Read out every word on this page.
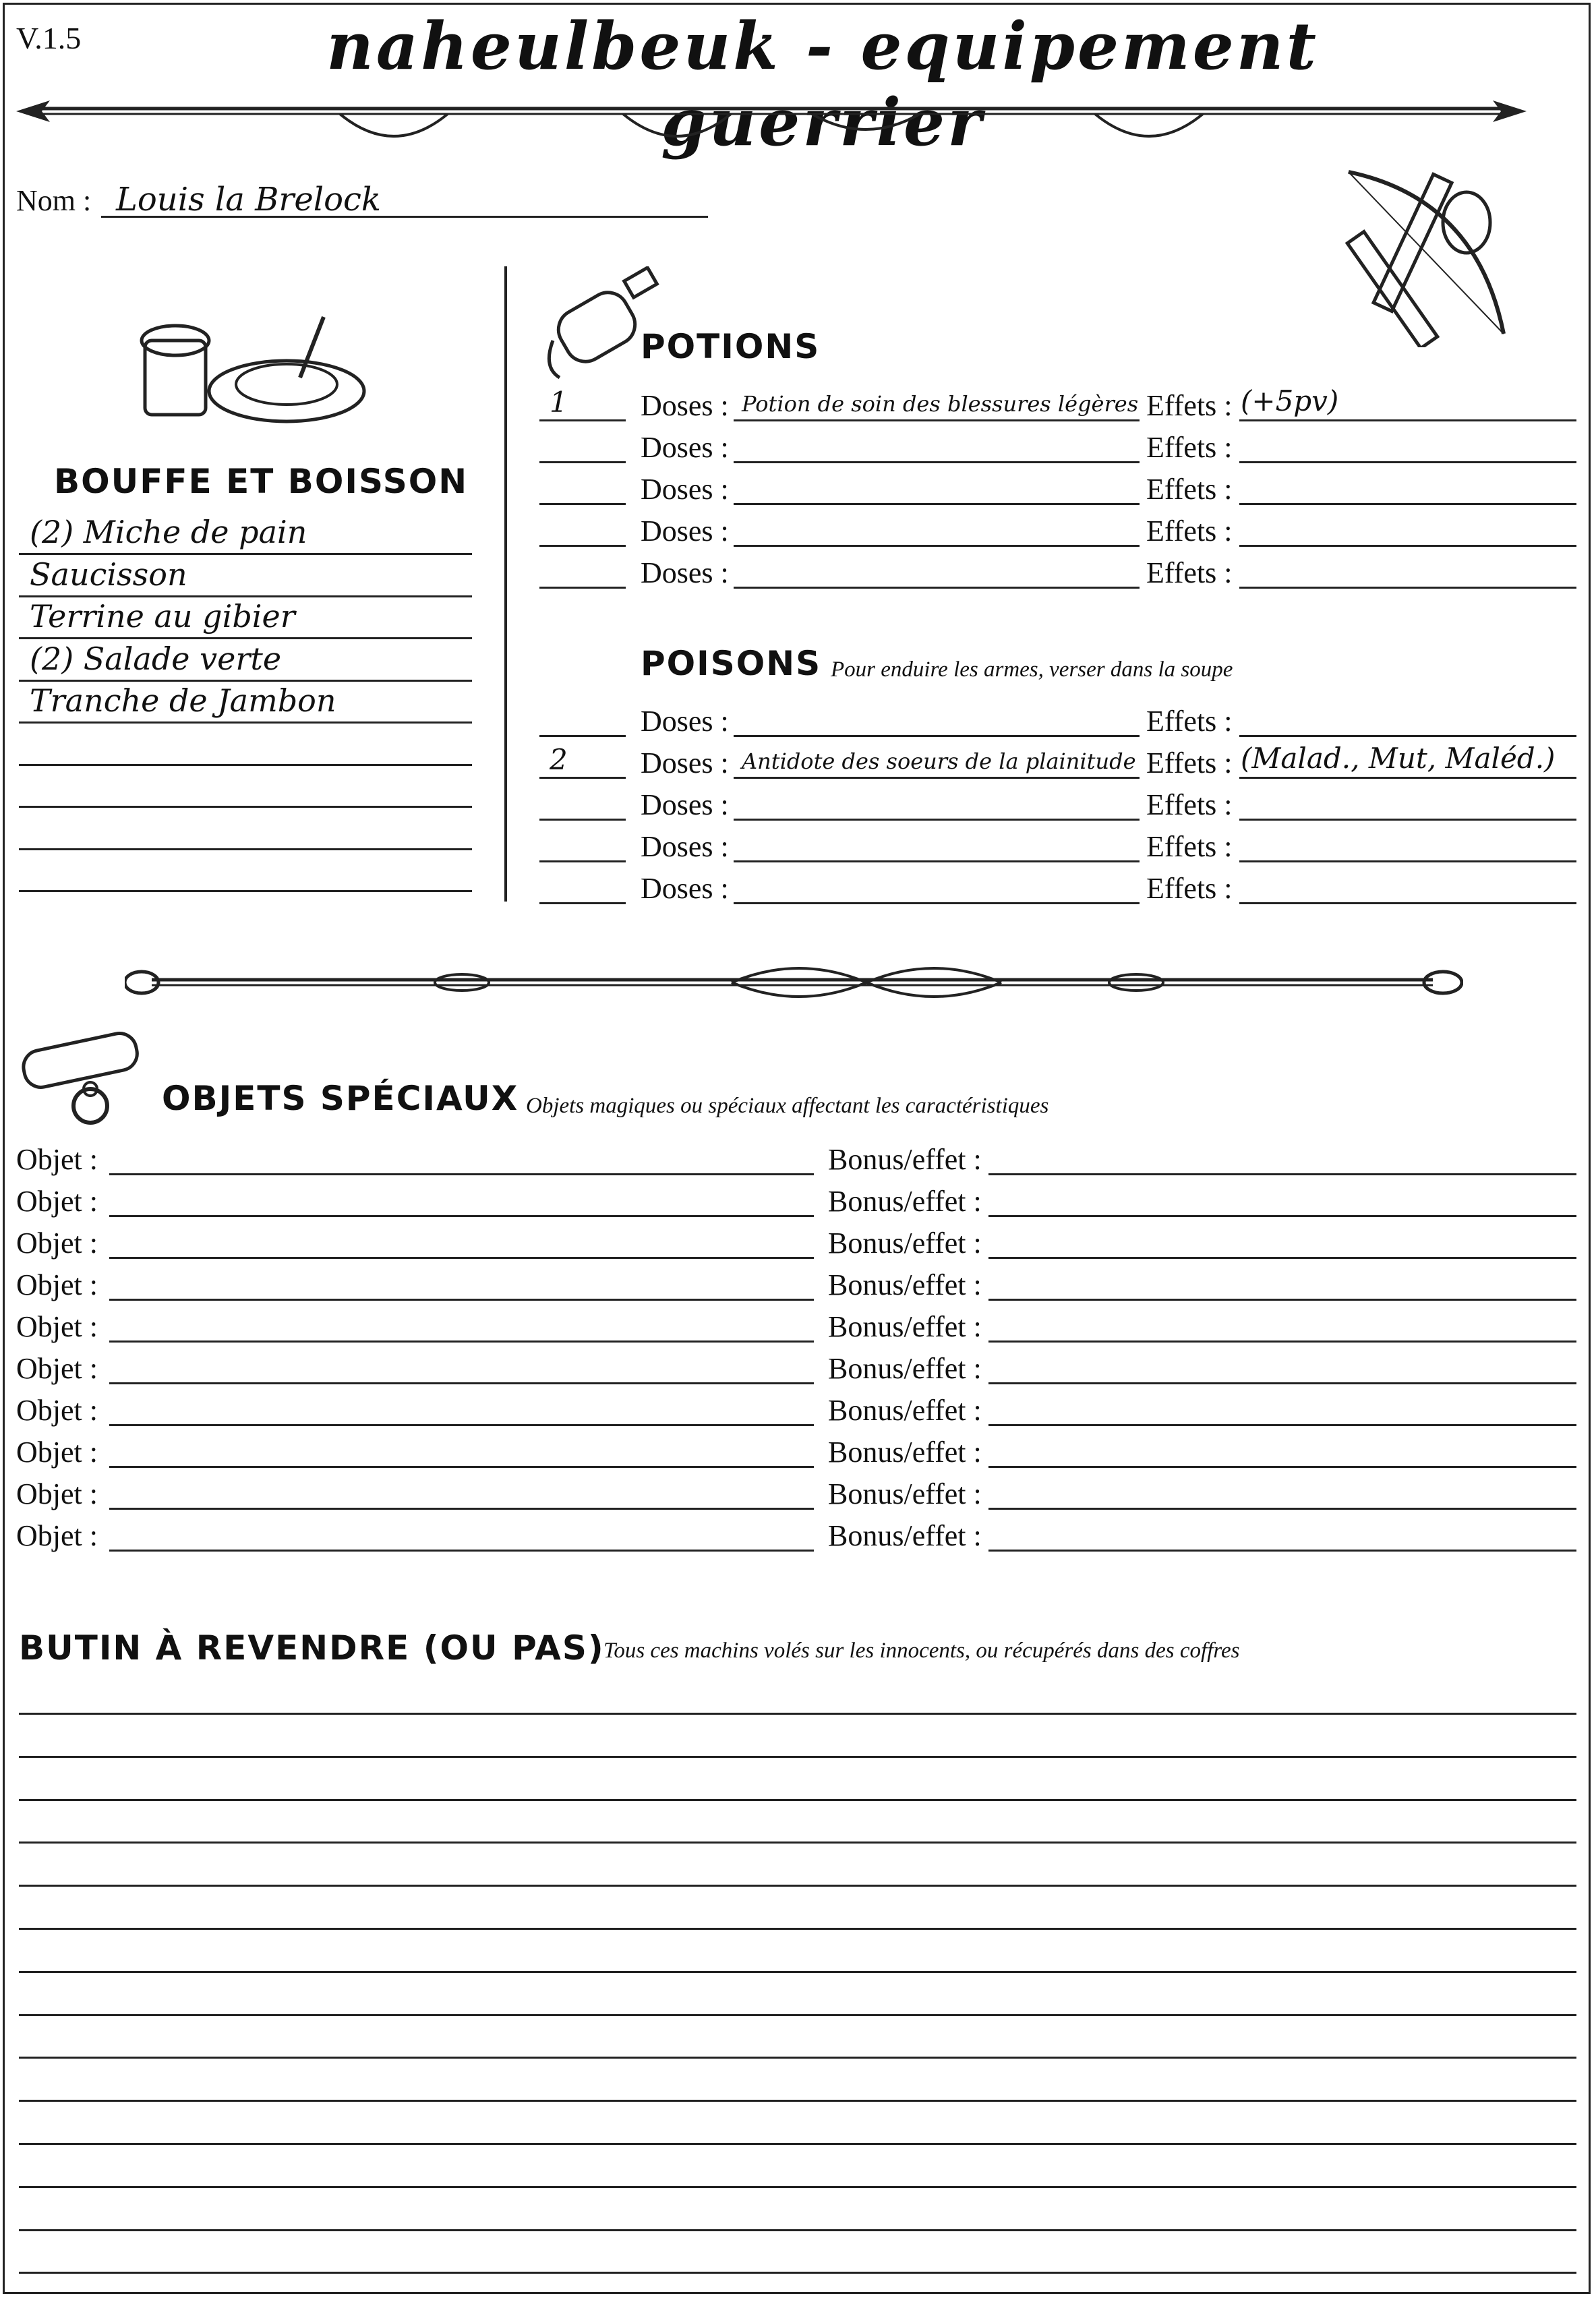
V.1.5	naheulbeuk - equipement guerrier
Nom : Louis la Brelock
BOUFFE ET BOISSON
(2) Miche de pain
Saucisson
Terrine au gibier
(2) Salade verte
Tranche de Jambon
POTIONS
1 Doses : Potion de soin des blessures légères Effets : (+5pv)
Doses :	Effets :
Doses :	Effets :
Doses :	Effets :
Doses :	Effets :
POISONS Pour enduire les armes, verser dans la soupe
Doses :	Effets :
2 Doses : Antidote des soeurs de la plainitude Effets : (Malad., Mut, Maléd.)
Doses :	Effets :
Doses :	Effets :
Doses :	Effets :
OBJETS SPÉCIAUX Objets magiques ou spéciaux affectant les caractéristiques
Objet :	Bonus/effet :
Objet :	Bonus/effet :
Objet :	Bonus/effet :
Objet :	Bonus/effet :
Objet :	Bonus/effet :
Objet :	Bonus/effet :
Objet :	Bonus/effet :
Objet :	Bonus/effet :
Objet :	Bonus/effet :
Objet :	Bonus/effet :
BUTIN À REVENDRE (OU PAS)
Tous ces machins volés sur les innocents, ou récupérés dans des coffres
